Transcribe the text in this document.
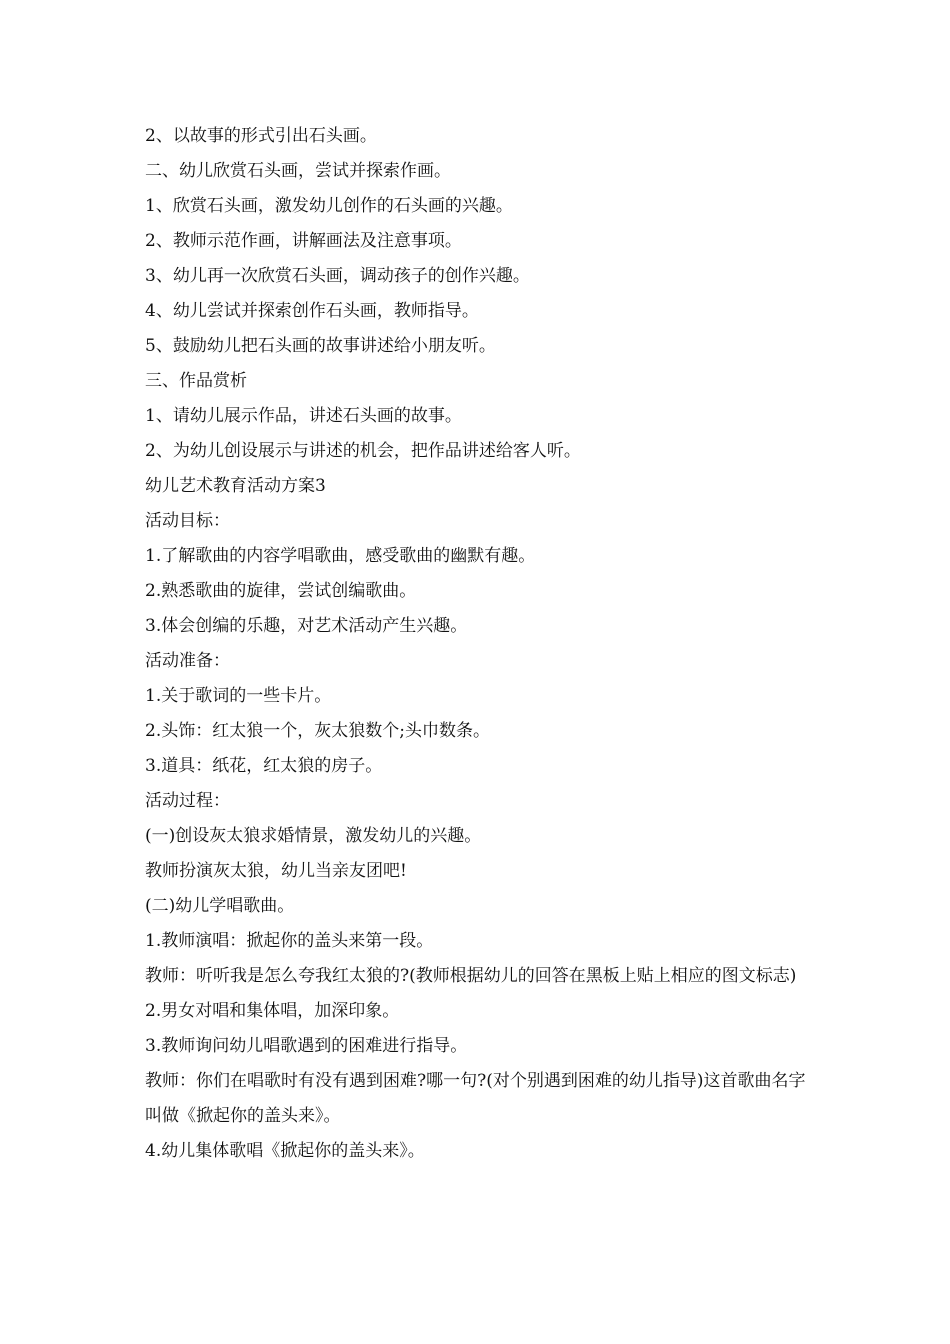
2、以故事的形式引出石头画。

二、幼儿欣赏石头画，尝试并探索作画。

1、欣赏石头画，激发幼儿创作的石头画的兴趣。

2、教师示范作画，讲解画法及注意事项。

3、幼儿再一次欣赏石头画，调动孩子的创作兴趣。

4、幼儿尝试并探索创作石头画，教师指导。

5、鼓励幼儿把石头画的故事讲述给小朋友听。

三、作品赏析

1、请幼儿展示作品，讲述石头画的故事。

2、为幼儿创设展示与讲述的机会，把作品讲述给客人听。

幼儿艺术教育活动方案3

活动目标：

1.了解歌曲的内容学唱歌曲，感受歌曲的幽默有趣。

2.熟悉歌曲的旋律，尝试创编歌曲。

3.体会创编的乐趣，对艺术活动产生兴趣。

活动准备：

1.关于歌词的一些卡片。

2.头饰：红太狼一个，灰太狼数个;头巾数条。

3.道具：纸花，红太狼的房子。

活动过程：

(一)创设灰太狼求婚情景，激发幼儿的兴趣。

教师扮演灰太狼，幼儿当亲友团吧!

(二)幼儿学唱歌曲。

1.教师演唱：掀起你的盖头来第一段。

教师：听听我是怎么夸我红太狼的?(教师根据幼儿的回答在黑板上贴上相应的图文标志)

2.男女对唱和集体唱，加深印象。

3.教师询问幼儿唱歌遇到的困难进行指导。

教师：你们在唱歌时有没有遇到困难?哪一句?(对个别遇到困难的幼儿指导)这首歌曲名字叫做《掀起你的盖头来》。

4.幼儿集体歌唱《掀起你的盖头来》。
